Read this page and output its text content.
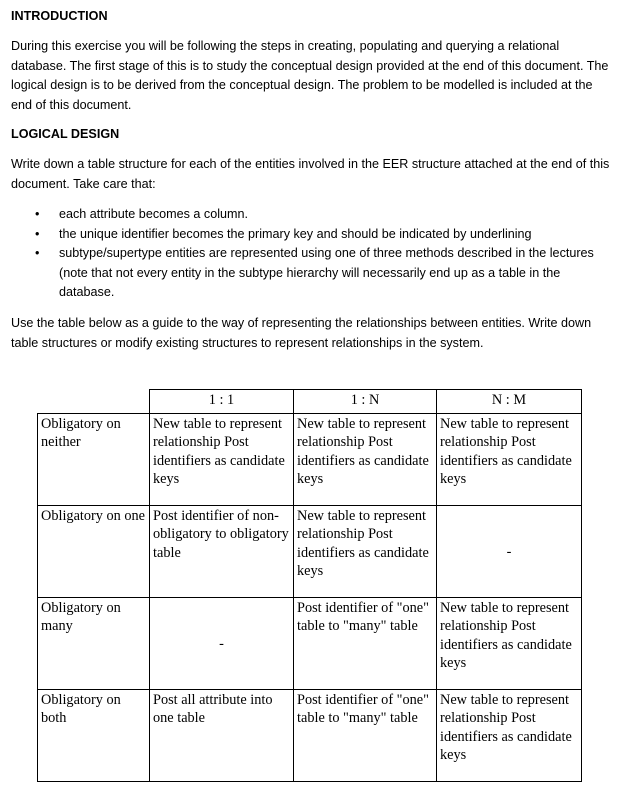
INTRODUCTION

During this exercise you will be following the steps in creating, populating and querying a relational database. The first stage of this is to study the conceptual design provided at the end of this document. The logical design is to be derived from the conceptual design. The problem to be modelled is included at the end of this document.

LOGICAL DESIGN

Write down a table structure for each of the entities involved in the EER structure attached at the end of this document. Take care that:

• each attribute becomes a column.
• the unique identifier becomes the primary key and should be indicated by underlining
• subtype/supertype entities are represented using one of three methods described in the lectures (note that not every entity in the subtype hierarchy will necessarily end up as a table in the database.

Use the table below as a guide to the way of representing the relationships between entities. Write down table structures or modify existing structures to represent relationships in the system.

	1 : 1	1 : N	N : M
Obligatory on neither	New table to represent relationship Post identifiers as candidate keys	New table to represent relationship Post identifiers as candidate keys	New table to represent relationship Post identifiers as candidate keys
Obligatory on one	Post identifier of non-obligatory to obligatory table	New table to represent relationship Post identifiers as candidate keys	-
Obligatory on many	-	Post identifier of "one" table to "many" table	New table to represent relationship Post identifiers as candidate keys
Obligatory on both	Post all attribute into one table	Post identifier of "one" table to "many" table	New table to represent relationship Post identifiers as candidate keys
